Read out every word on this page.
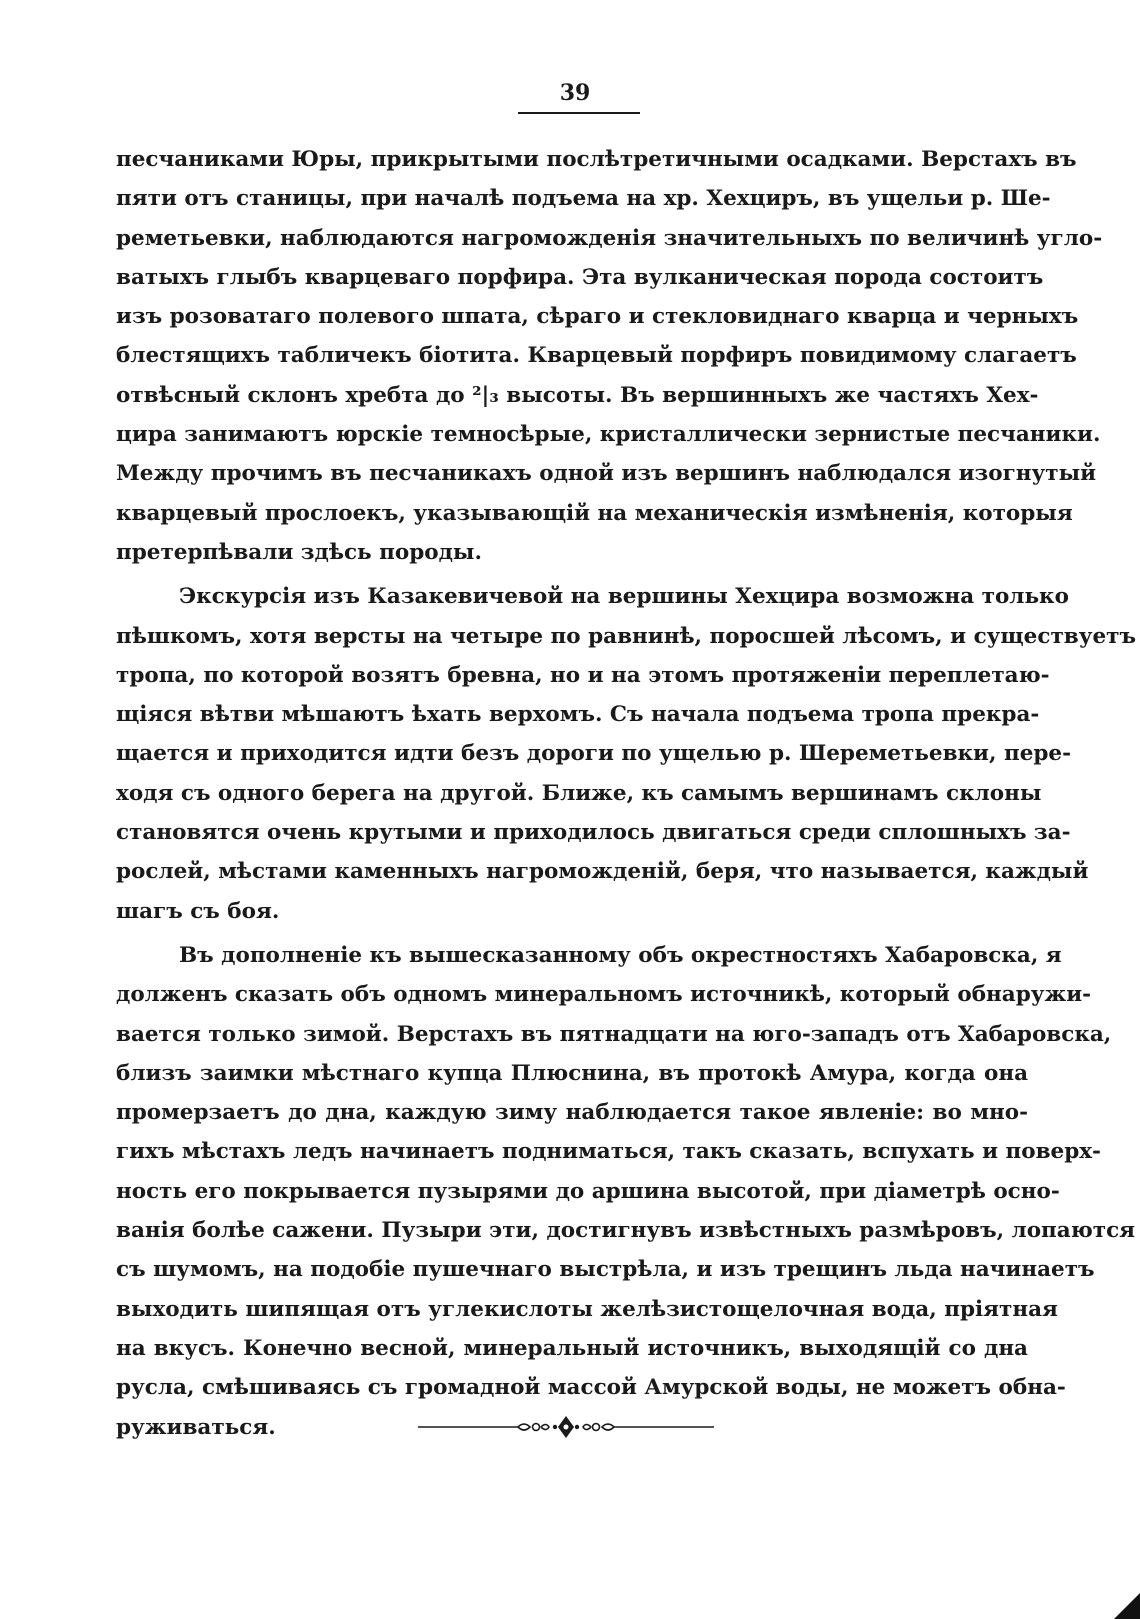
39
песчаниками Юры, прикрытыми послѣтретичными осадками. Верстахъ въ
пяти отъ станицы, при началѣ подъема на хр. Хехциръ, въ ущельи р. Ше-
реметьевки, наблюдаются нагроможденія значительныхъ по величинѣ угло-
ватыхъ глыбъ кварцеваго порфира. Эта вулканическая порода состоитъ
изъ розоватаго полевого шпата, сѣраго и стекловиднаго кварца и черныхъ
блестящихъ табличекъ біотита. Кварцевый порфиръ повидимому слагаетъ
отвѣсный склонъ хребта до ²|₃ высоты. Въ вершинныхъ же частяхъ Хех-
цира занимаютъ юрскіе темносѣрые, кристаллически зернистые песчаники.
Между прочимъ въ песчаникахъ одной изъ вершинъ наблюдался изогнутый
кварцевый прослоекъ, указывающій на механическія измѣненія, которыя
претерпѣвали здѣсь породы.
Экскурсія изъ Казакевичевой на вершины Хехцира возможна только
пѣшкомъ, хотя версты на четыре по равнинѣ, поросшей лѣсомъ, и существуетъ
тропа, по которой возятъ бревна, но и на этомъ протяженіи переплетаю-
щіяся вѣтви мѣшаютъ ѣхать верхомъ. Съ начала подъема тропа прекра-
щается и приходится идти безъ дороги по ущелью р. Шереметьевки, пере-
ходя съ одного берега на другой. Ближе, къ самымъ вершинамъ склоны
становятся очень крутыми и приходилось двигаться среди сплошныхъ за-
рослей, мѣстами каменныхъ нагроможденій, беря, что называется, каждый
шагъ съ боя.
Въ дополненіе къ вышесказанному объ окрестностяхъ Хабаровска, я
долженъ сказать объ одномъ минеральномъ источникѣ, который обнаружи-
вается только зимой. Верстахъ въ пятнадцати на юго-западъ отъ Хабаровска,
близъ заимки мѣстнаго купца Плюснина, въ протокѣ Амура, когда она
промерзаетъ до дна, каждую зиму наблюдается такое явленіе: во мно-
гихъ мѣстахъ ледъ начинаетъ подниматься, такъ сказать, вспухать и поверх-
ность его покрывается пузырями до аршина высотой, при діаметрѣ осно-
ванія болѣе сажени. Пузыри эти, достигнувъ извѣстныхъ размѣровъ, лопаются
съ шумомъ, на подобіе пушечнаго выстрѣла, и изъ трещинъ льда начинаетъ
выходить шипящая отъ углекислоты желѣзистощелочная вода, пріятная
на вкусъ. Конечно весной, минеральный источникъ, выходящій со дна
русла, смѣшиваясь съ громадной массой Амурской воды, не можетъ обна-
руживаться.
